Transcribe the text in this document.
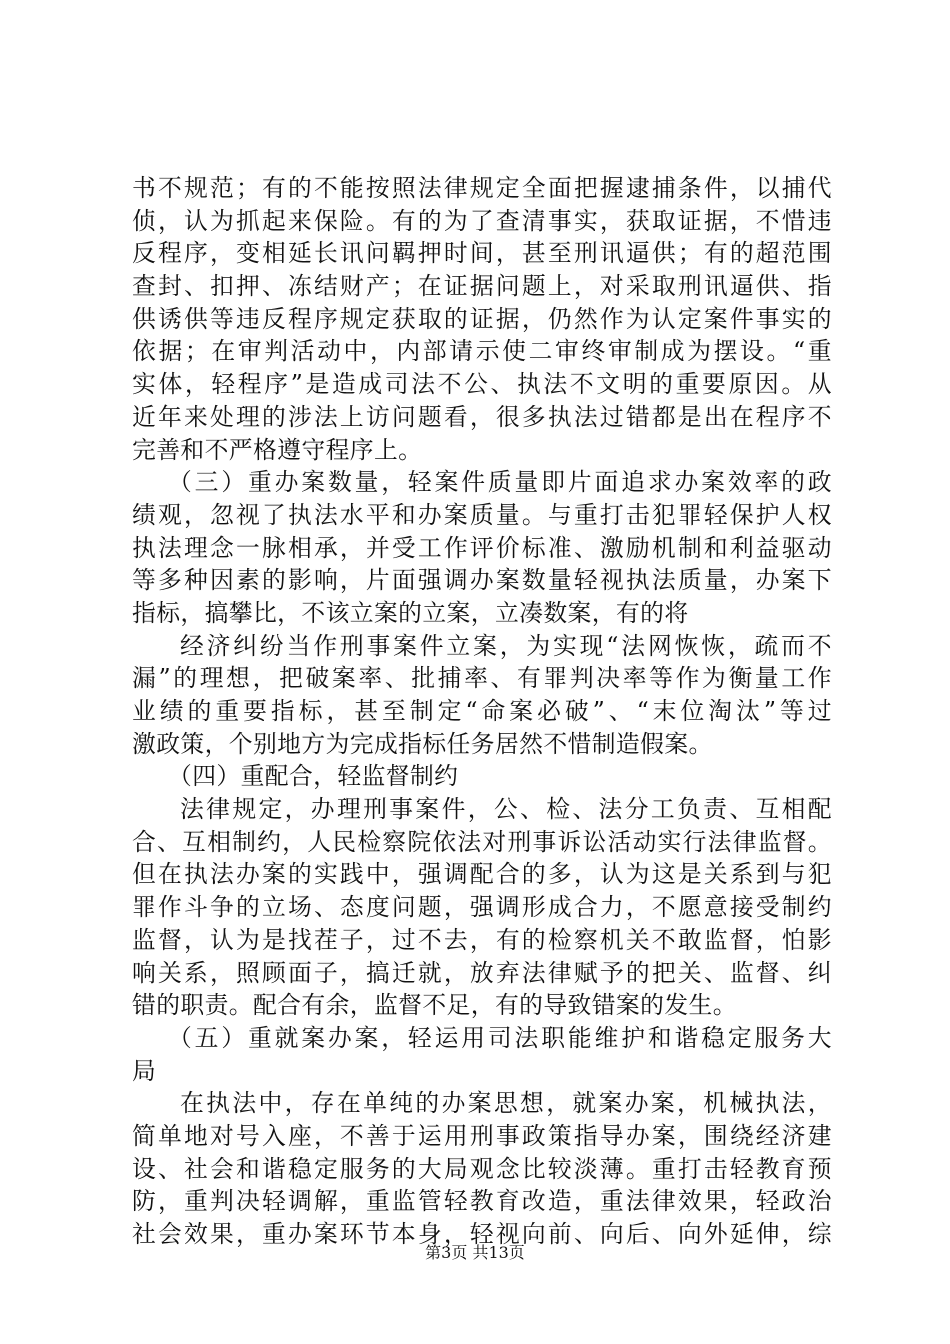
书不规范；有的不能按照法律规定全面把握逮捕条件，以捕代
侦，认为抓起来保险。有的为了查清事实，获取证据，不惜违
反程序，变相延长讯问羁押时间，甚至刑讯逼供；有的超范围
查封、扣押、冻结财产；在证据问题上，对采取刑讯逼供、指
供诱供等违反程序规定获取的证据，仍然作为认定案件事实的
依据；在审判活动中，内部请示使二审终审制成为摆设。“重
实体，轻程序”是造成司法不公、执法不文明的重要原因。从
近年来处理的涉法上访问题看，很多执法过错都是出在程序不
完善和不严格遵守程序上。
（三）重办案数量，轻案件质量即片面追求办案效率的政
绩观，忽视了执法水平和办案质量。与重打击犯罪轻保护人权
执法理念一脉相承，并受工作评价标准、激励机制和利益驱动
等多种因素的影响，片面强调办案数量轻视执法质量，办案下
指标，搞攀比，不该立案的立案，立凑数案，有的将
经济纠纷当作刑事案件立案，为实现“法网恢恢，疏而不
漏”的理想，把破案率、批捕率、有罪判决率等作为衡量工作
业绩的重要指标，甚至制定“命案必破”、“末位淘汰”等过
激政策，个别地方为完成指标任务居然不惜制造假案。
（四）重配合，轻监督制约
法律规定，办理刑事案件，公、检、法分工负责、互相配
合、互相制约，人民检察院依法对刑事诉讼活动实行法律监督。
但在执法办案的实践中，强调配合的多，认为这是关系到与犯
罪作斗争的立场、态度问题，强调形成合力，不愿意接受制约
监督，认为是找茬子，过不去，有的检察机关不敢监督，怕影
响关系，照顾面子，搞迁就，放弃法律赋予的把关、监督、纠
错的职责。配合有余，监督不足，有的导致错案的发生。
（五）重就案办案，轻运用司法职能维护和谐稳定服务大
局
在执法中，存在单纯的办案思想，就案办案，机械执法，
简单地对号入座，不善于运用刑事政策指导办案，围绕经济建
设、社会和谐稳定服务的大局观念比较淡薄。重打击轻教育预
防，重判决轻调解，重监管轻教育改造，重法律效果，轻政治
社会效果，重办案环节本身，轻视向前、向后、向外延伸，综
第3页 共13页
